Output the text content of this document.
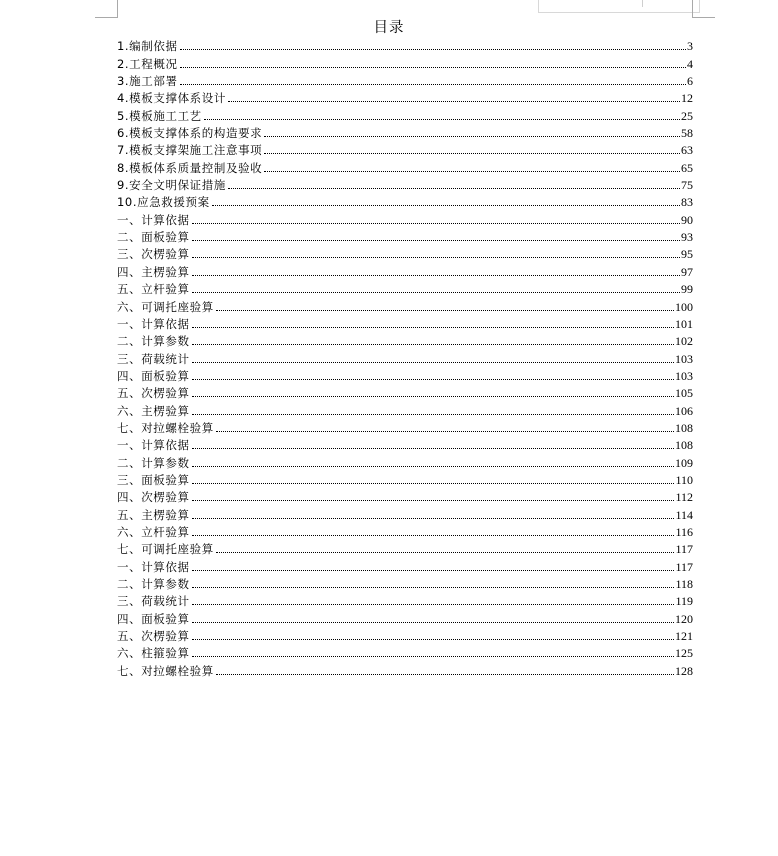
目录
1.编制依据	3
2.工程概况	4
3.施工部署	6
4.模板支撑体系设计	12
5.模板施工工艺	25
6.模板支撑体系的构造要求	58
7.模板支撑架施工注意事项	63
8.模板体系质量控制及验收	65
9.安全文明保证措施	75
10.应急救援预案	83
一、计算依据	90
二、面板验算	93
三、次楞验算	95
四、主楞验算	97
五、立杆验算	99
六、可调托座验算	100
一、计算依据	101
二、计算参数	102
三、荷载统计	103
四、面板验算	103
五、次楞验算	105
六、主楞验算	106
七、对拉螺栓验算	108
一、计算依据	108
二、计算参数	109
三、面板验算	110
四、次楞验算	112
五、主楞验算	114
六、立杆验算	116
七、可调托座验算	117
一、计算依据	117
二、计算参数	118
三、荷载统计	119
四、面板验算	120
五、次楞验算	121
六、柱箍验算	125
七、对拉螺栓验算	128
